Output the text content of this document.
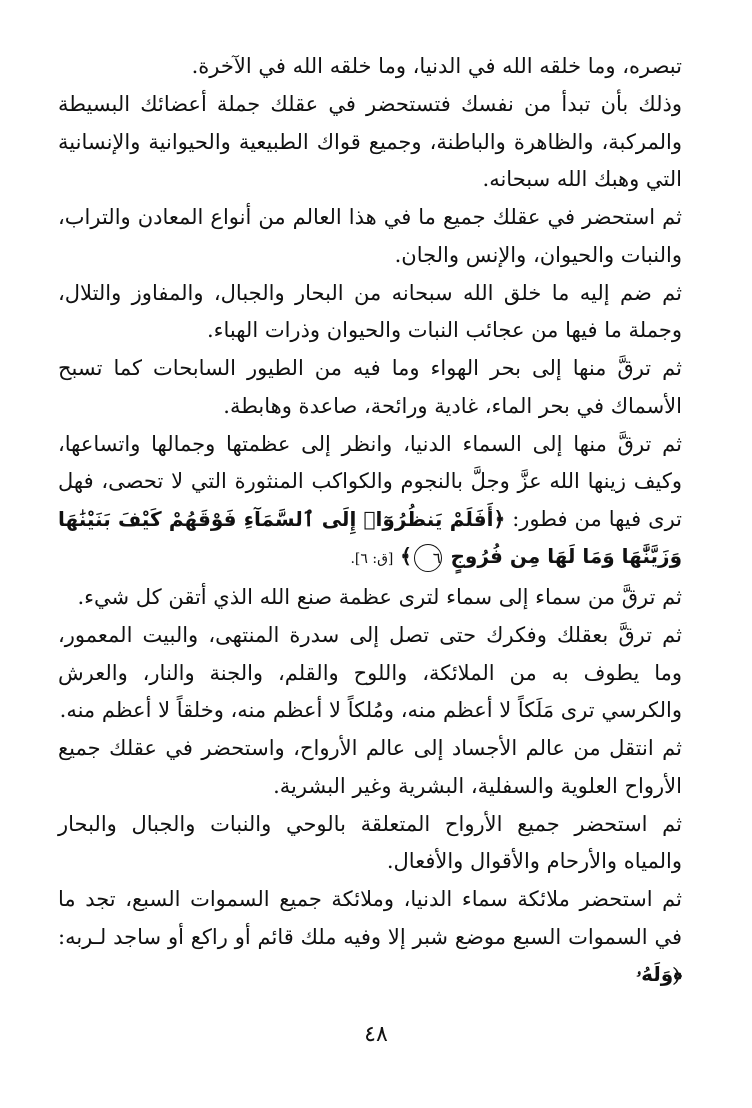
تبصره، وما خلقه الله في الدنيا، وما خلقه الله في الآخرة.

وذلك بأن تبدأ من نفسك فتستحضر في عقلك جملة أعضائك البسيطة والمركبة، والظاهرة والباطنة، وجميع قواك الطبيعية والحيوانية والإنسانية التي وهبك الله سبحانه.

ثم استحضر في عقلك جميع ما في هذا العالم من أنواع المعادن والتراب، والنبات والحيوان، والإنس والجان.

ثم ضم إليه ما خلق الله سبحانه من البحار والجبال، والمفاوز والتلال، وجملة ما فيها من عجائب النبات والحيوان وذرات الهباء.

ثم ترقَّ منها إلى بحر الهواء وما فيه من الطيور السابحات كما تسبح الأسماك في بحر الماء، غادية ورائحة، صاعدة وهابطة.

ثم ترقَّ منها إلى السماء الدنيا، وانظر إلى عظمتها وجمالها واتساعها، وكيف زينها الله عزَّ وجلَّ بالنجوم والكواكب المنثورة التي لا تحصى، فهل ترى فيها من فطور: ﴿أَفَلَمْ يَنظُرُوٓا۟ إِلَى ٱلسَّمَآءِ فَوْقَهُمْ كَيْفَ بَنَيْنَٰهَا وَزَيَّنَّٰهَا وَمَا لَهَا مِن فُرُوجٍ ٦﴾ [ق: ٦].

ثم ترقَّ من سماء إلى سماء لترى عظمة صنع الله الذي أتقن كل شيء.

ثم ترقَّ بعقلك وفكرك حتى تصل إلى سدرة المنتهى، والبيت المعمور، وما يطوف به من الملائكة، واللوح والقلم، والجنة والنار، والعرش والكرسي ترى مَلَكاً لا أعظم منه، ومُلكاً لا أعظم منه، وخلقاً لا أعظم منه.

ثم انتقل من عالم الأجساد إلى عالم الأرواح، واستحضر في عقلك جميع الأرواح العلوية والسفلية، البشرية وغير البشرية.

ثم استحضر جميع الأرواح المتعلقة بالوحي والنبات والجبال والبحار والمياه والأرحام والأقوال والأفعال.

ثم استحضر ملائكة سماء الدنيا، وملائكة جميع السموات السبع، تجد ما في السموات السبع موضع شبر إلا وفيه ملك قائم أو راكع أو ساجد لـربه: ﴿وَلَهُۥ

٤٨
